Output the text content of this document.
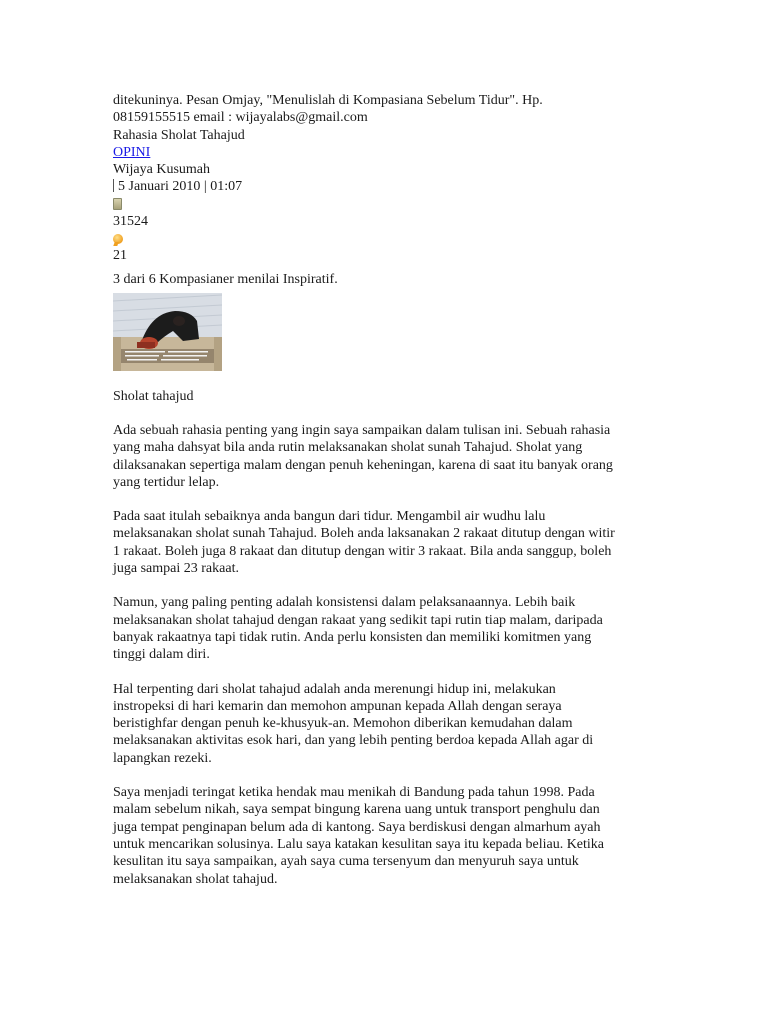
ditekuninya. Pesan Omjay, "Menulislah di Kompasiana Sebelum Tidur". Hp.
08159155515 email : wijayalabs@gmail.com
Rahasia Sholat Tahajud
OPINI
Wijaya Kusumah
5 Januari 2010 | 01:07
31524
21
3 dari 6 Kompasianer menilai Inspiratif.
Sholat tahajud
Ada sebuah rahasia penting yang ingin saya sampaikan dalam tulisan ini. Sebuah rahasia
yang maha dahsyat bila anda rutin melaksanakan sholat sunah Tahajud. Sholat yang
dilaksanakan sepertiga malam dengan penuh keheningan, karena di saat itu banyak orang
yang tertidur lelap.
Pada saat itulah sebaiknya anda bangun dari tidur. Mengambil air wudhu lalu
melaksanakan sholat sunah Tahajud. Boleh anda laksanakan 2 rakaat ditutup dengan witir
1 rakaat. Boleh juga 8 rakaat dan ditutup dengan witir 3 rakaat. Bila anda sanggup, boleh
juga sampai 23 rakaat.
Namun, yang paling penting adalah konsistensi dalam pelaksanaannya. Lebih baik
melaksanakan sholat tahajud dengan rakaat yang sedikit tapi rutin tiap malam, daripada
banyak rakaatnya tapi tidak rutin. Anda perlu konsisten dan memiliki komitmen yang
tinggi dalam diri.
Hal terpenting dari sholat tahajud adalah anda merenungi hidup ini, melakukan
instropeksi di hari kemarin dan memohon ampunan kepada Allah dengan seraya
beristighfar dengan penuh ke-khusyuk-an. Memohon diberikan kemudahan dalam
melaksanakan aktivitas esok hari, dan yang lebih penting berdoa kepada Allah agar di
lapangkan rezeki.
Saya menjadi teringat ketika hendak mau menikah di Bandung pada tahun 1998. Pada
malam sebelum nikah, saya sempat bingung karena uang untuk transport penghulu dan
juga tempat penginapan belum ada di kantong. Saya berdiskusi dengan almarhum ayah
untuk mencarikan solusinya. Lalu saya katakan kesulitan saya itu kepada beliau. Ketika
kesulitan itu saya sampaikan, ayah saya cuma tersenyum dan menyuruh saya untuk
melaksanakan sholat tahajud.
